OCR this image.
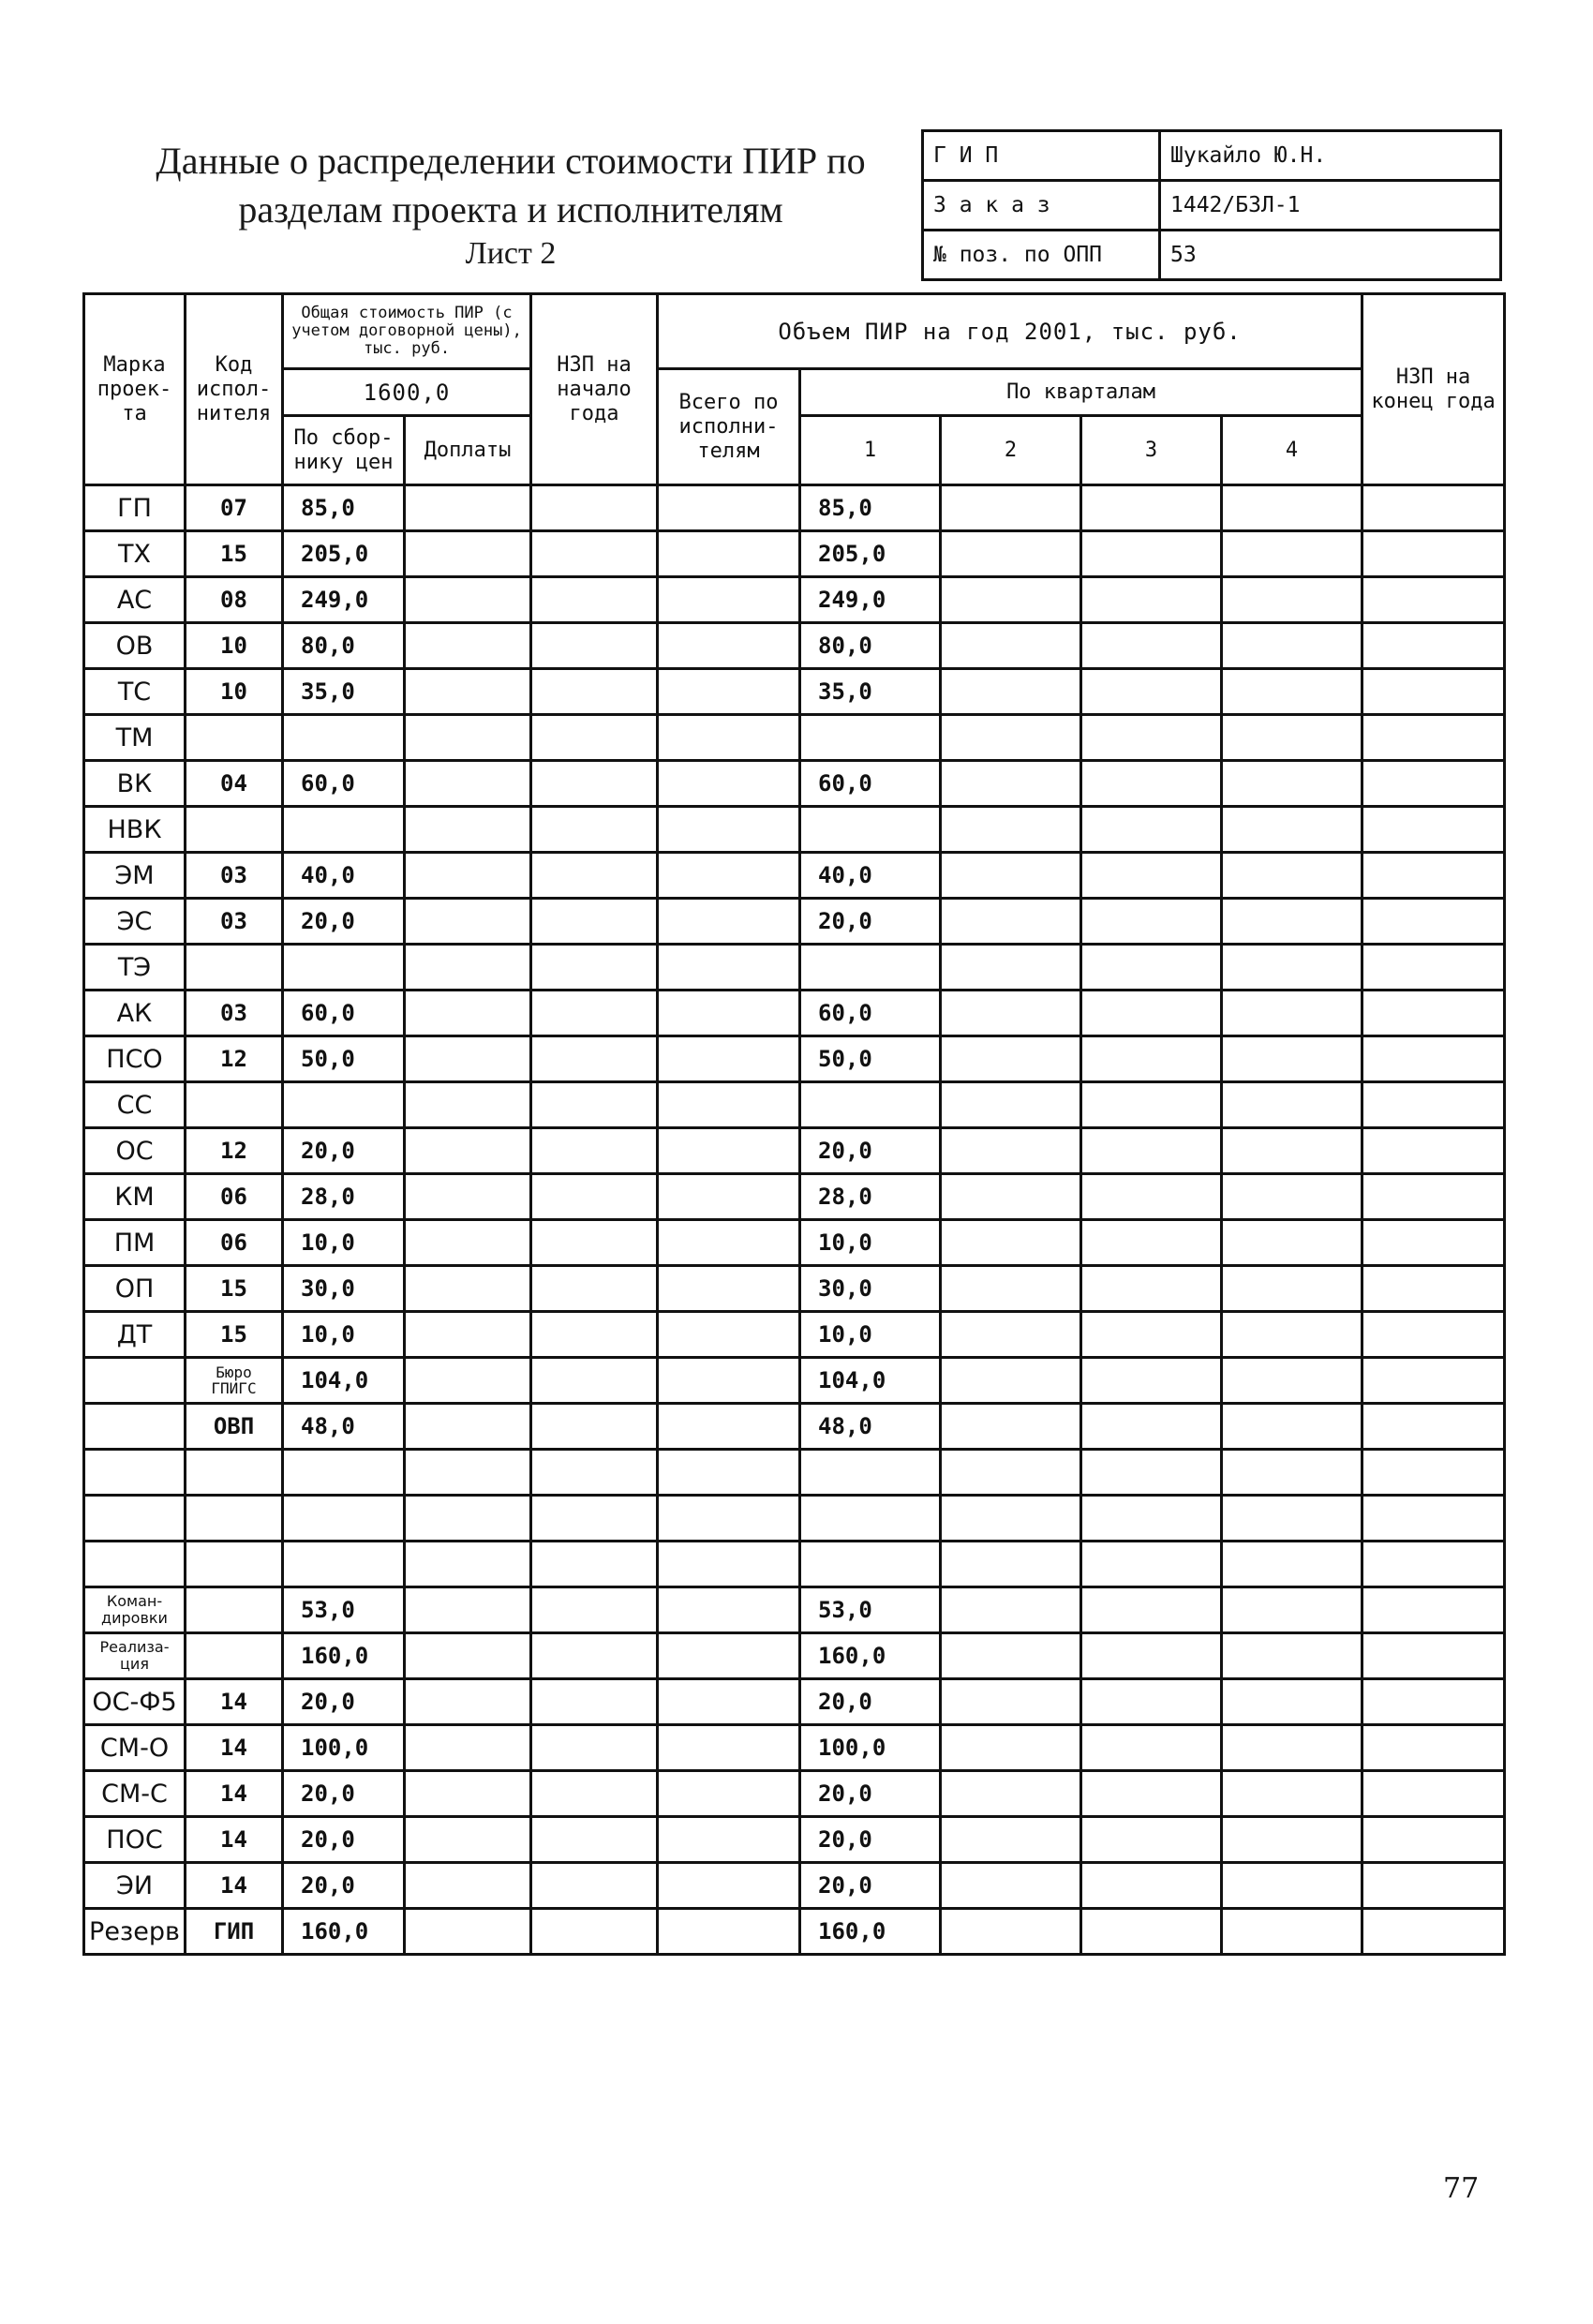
Данные о распределении стоимости ПИР по
разделам проекта и исполнителям
Лист 2
Г И П	Шукайло Ю.Н.
З а к а з	1442/БЗЛ-1
№ поз. по ОПП	53
Марка проек-та	Код испол-нителя	Общая стоимость ПИР (с учетом договорной цены), тыс. руб.		НЗП на начало года	Объем ПИР на год 2001, тыс. руб.					НЗП на конец года
		1600,0			Всего по исполни-телям	По кварталам				
		По сбор-нику цен	Доплаты			1	2	3	4	
ГП	07	85,0				85,0				
ТХ	15	205,0				205,0				
АС	08	249,0				249,0				
ОВ	10	80,0				80,0				
ТС	10	35,0				35,0				
ТМ										
ВК	04	60,0				60,0				
НВК										
ЭМ	03	40,0				40,0				
ЭС	03	20,0				20,0				
ТЭ										
АК	03	60,0				60,0				
ПСО	12	50,0				50,0				
СС										
ОС	12	20,0				20,0				
КМ	06	28,0				28,0				
ПМ	06	10,0				10,0				
ОП	15	30,0				30,0				
ДТ	15	10,0				10,0				
	Бюро ГПИГС	104,0				104,0				
	ОВП	48,0				48,0				

Коман-дировки		53,0				53,0				
Реализа-ция		160,0				160,0				
ОС-Ф5	14	20,0				20,0				
СМ-О	14	100,0				100,0				
СМ-С	14	20,0				20,0				
ПОС	14	20,0				20,0				
ЭИ	14	20,0				20,0				
Резерв	ГИП	160,0				160,0				
77
